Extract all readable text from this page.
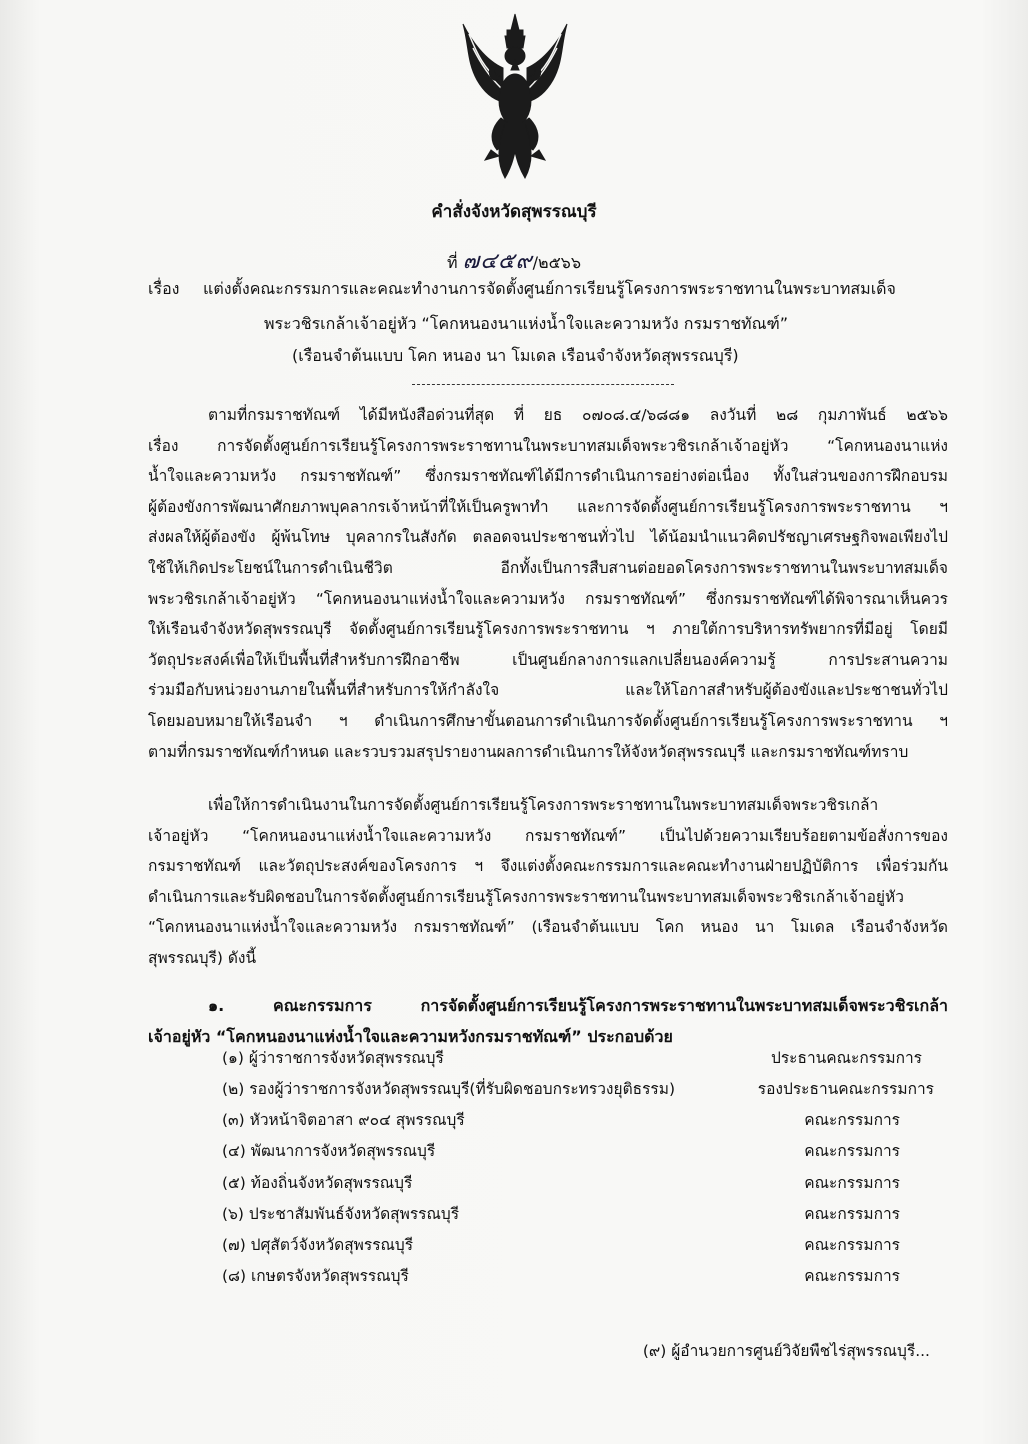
คำสั่งจังหวัดสุพรรณบุรี
ที่ ๗๔๕๙/๒๕๖๖
เรื่อง แต่งตั้งคณะกรรมการและคณะทำงานการจัดตั้งศูนย์การเรียนรู้โครงการพระราชทานในพระบาทสมเด็จ
พระวชิรเกล้าเจ้าอยู่หัว “โคกหนองนาแห่งน้ำใจและความหวัง กรมราชทัณฑ์”
(เรือนจำต้นแบบ โคก หนอง นา โมเดล เรือนจำจังหวัดสุพรรณบุรี)
ตามที่กรมราชทัณฑ์ ได้มีหนังสือด่วนที่สุด ที่ ยธ ๐๗๐๘.๔/๖๘๘๑ ลงวันที่ ๒๘ กุมภาพันธ์ ๒๕๖๖
เรื่อง การจัดตั้งศูนย์การเรียนรู้โครงการพระราชทานในพระบาทสมเด็จพระวชิรเกล้าเจ้าอยู่หัว “โคกหนองนาแห่ง
น้ำใจและความหวัง กรมราชทัณฑ์” ซึ่งกรมราชทัณฑ์ได้มีการดำเนินการอย่างต่อเนื่อง ทั้งในส่วนของการฝึกอบรม
ผู้ต้องขังการพัฒนาศักยภาพบุคลากรเจ้าหน้าที่ให้เป็นครูพาทำ และการจัดตั้งศูนย์การเรียนรู้โครงการพระราชทาน ฯ
ส่งผลให้ผู้ต้องขัง ผู้พ้นโทษ บุคลากรในสังกัด ตลอดจนประชาชนทั่วไป ได้น้อมนำแนวคิดปรัชญาเศรษฐกิจพอเพียงไป
ใช้ให้เกิดประโยชน์ในการดำเนินชีวิต อีกทั้งเป็นการสืบสานต่อยอดโครงการพระราชทานในพระบาทสมเด็จ
พระวชิรเกล้าเจ้าอยู่หัว “โคกหนองนาแห่งน้ำใจและความหวัง กรมราชทัณฑ์” ซึ่งกรมราชทัณฑ์ได้พิจารณาเห็นควร
ให้เรือนจำจังหวัดสุพรรณบุรี จัดตั้งศูนย์การเรียนรู้โครงการพระราชทาน ฯ ภายใต้การบริหารทรัพยากรที่มีอยู่ โดยมี
วัตถุประสงค์เพื่อให้เป็นพื้นที่สำหรับการฝึกอาชีพ เป็นศูนย์กลางการแลกเปลี่ยนองค์ความรู้ การประสานความ
ร่วมมือกับหน่วยงานภายในพื้นที่สำหรับการให้กำลังใจ และให้โอกาสสำหรับผู้ต้องขังและประชาชนทั่วไป
โดยมอบหมายให้เรือนจำ ฯ ดำเนินการศึกษาขั้นตอนการดำเนินการจัดตั้งศูนย์การเรียนรู้โครงการพระราชทาน ฯ
ตามที่กรมราชทัณฑ์กำหนด และรวบรวมสรุปรายงานผลการดำเนินการให้จังหวัดสุพรรณบุรี และกรมราชทัณฑ์ทราบ
เพื่อให้การดำเนินงานในการจัดตั้งศูนย์การเรียนรู้โครงการพระราชทานในพระบาทสมเด็จพระวชิรเกล้า
เจ้าอยู่หัว “โคกหนองนาแห่งน้ำใจและความหวัง กรมราชทัณฑ์” เป็นไปด้วยความเรียบร้อยตามข้อสั่งการของ
กรมราชทัณฑ์ และวัตถุประสงค์ของโครงการ ฯ จึงแต่งตั้งคณะกรรมการและคณะทำงานฝ่ายปฏิบัติการ เพื่อร่วมกัน
ดำเนินการและรับผิดชอบในการจัดตั้งศูนย์การเรียนรู้โครงการพระราชทานในพระบาทสมเด็จพระวชิรเกล้าเจ้าอยู่หัว
“โคกหนองนาแห่งน้ำใจและความหวัง กรมราชทัณฑ์” (เรือนจำต้นแบบ โคก หนอง นา โมเดล เรือนจำจังหวัด
สุพรรณบุรี) ดังนี้
๑. คณะกรรมการ การจัดตั้งศูนย์การเรียนรู้โครงการพระราชทานในพระบาทสมเด็จพระวชิรเกล้า
เจ้าอยู่หัว “โคกหนองนาแห่งน้ำใจและความหวังกรมราชทัณฑ์” ประกอบด้วย
(๑) ผู้ว่าราชการจังหวัดสุพรรณบุรี	ประธานคณะกรรมการ
(๒) รองผู้ว่าราชการจังหวัดสุพรรณบุรี(ที่รับผิดชอบกระทรวงยุติธรรม)	รองประธานคณะกรรมการ
(๓) หัวหน้าจิตอาสา ๙๐๔ สุพรรณบุรี	คณะกรรมการ
(๔) พัฒนาการจังหวัดสุพรรณบุรี	คณะกรรมการ
(๕) ท้องถิ่นจังหวัดสุพรรณบุรี	คณะกรรมการ
(๖) ประชาสัมพันธ์จังหวัดสุพรรณบุรี	คณะกรรมการ
(๗) ปศุสัตว์จังหวัดสุพรรณบุรี	คณะกรรมการ
(๘) เกษตรจังหวัดสุพรรณบุรี	คณะกรรมการ
(๙) ผู้อำนวยการศูนย์วิจัยพืชไร่สุพรรณบุรี...
